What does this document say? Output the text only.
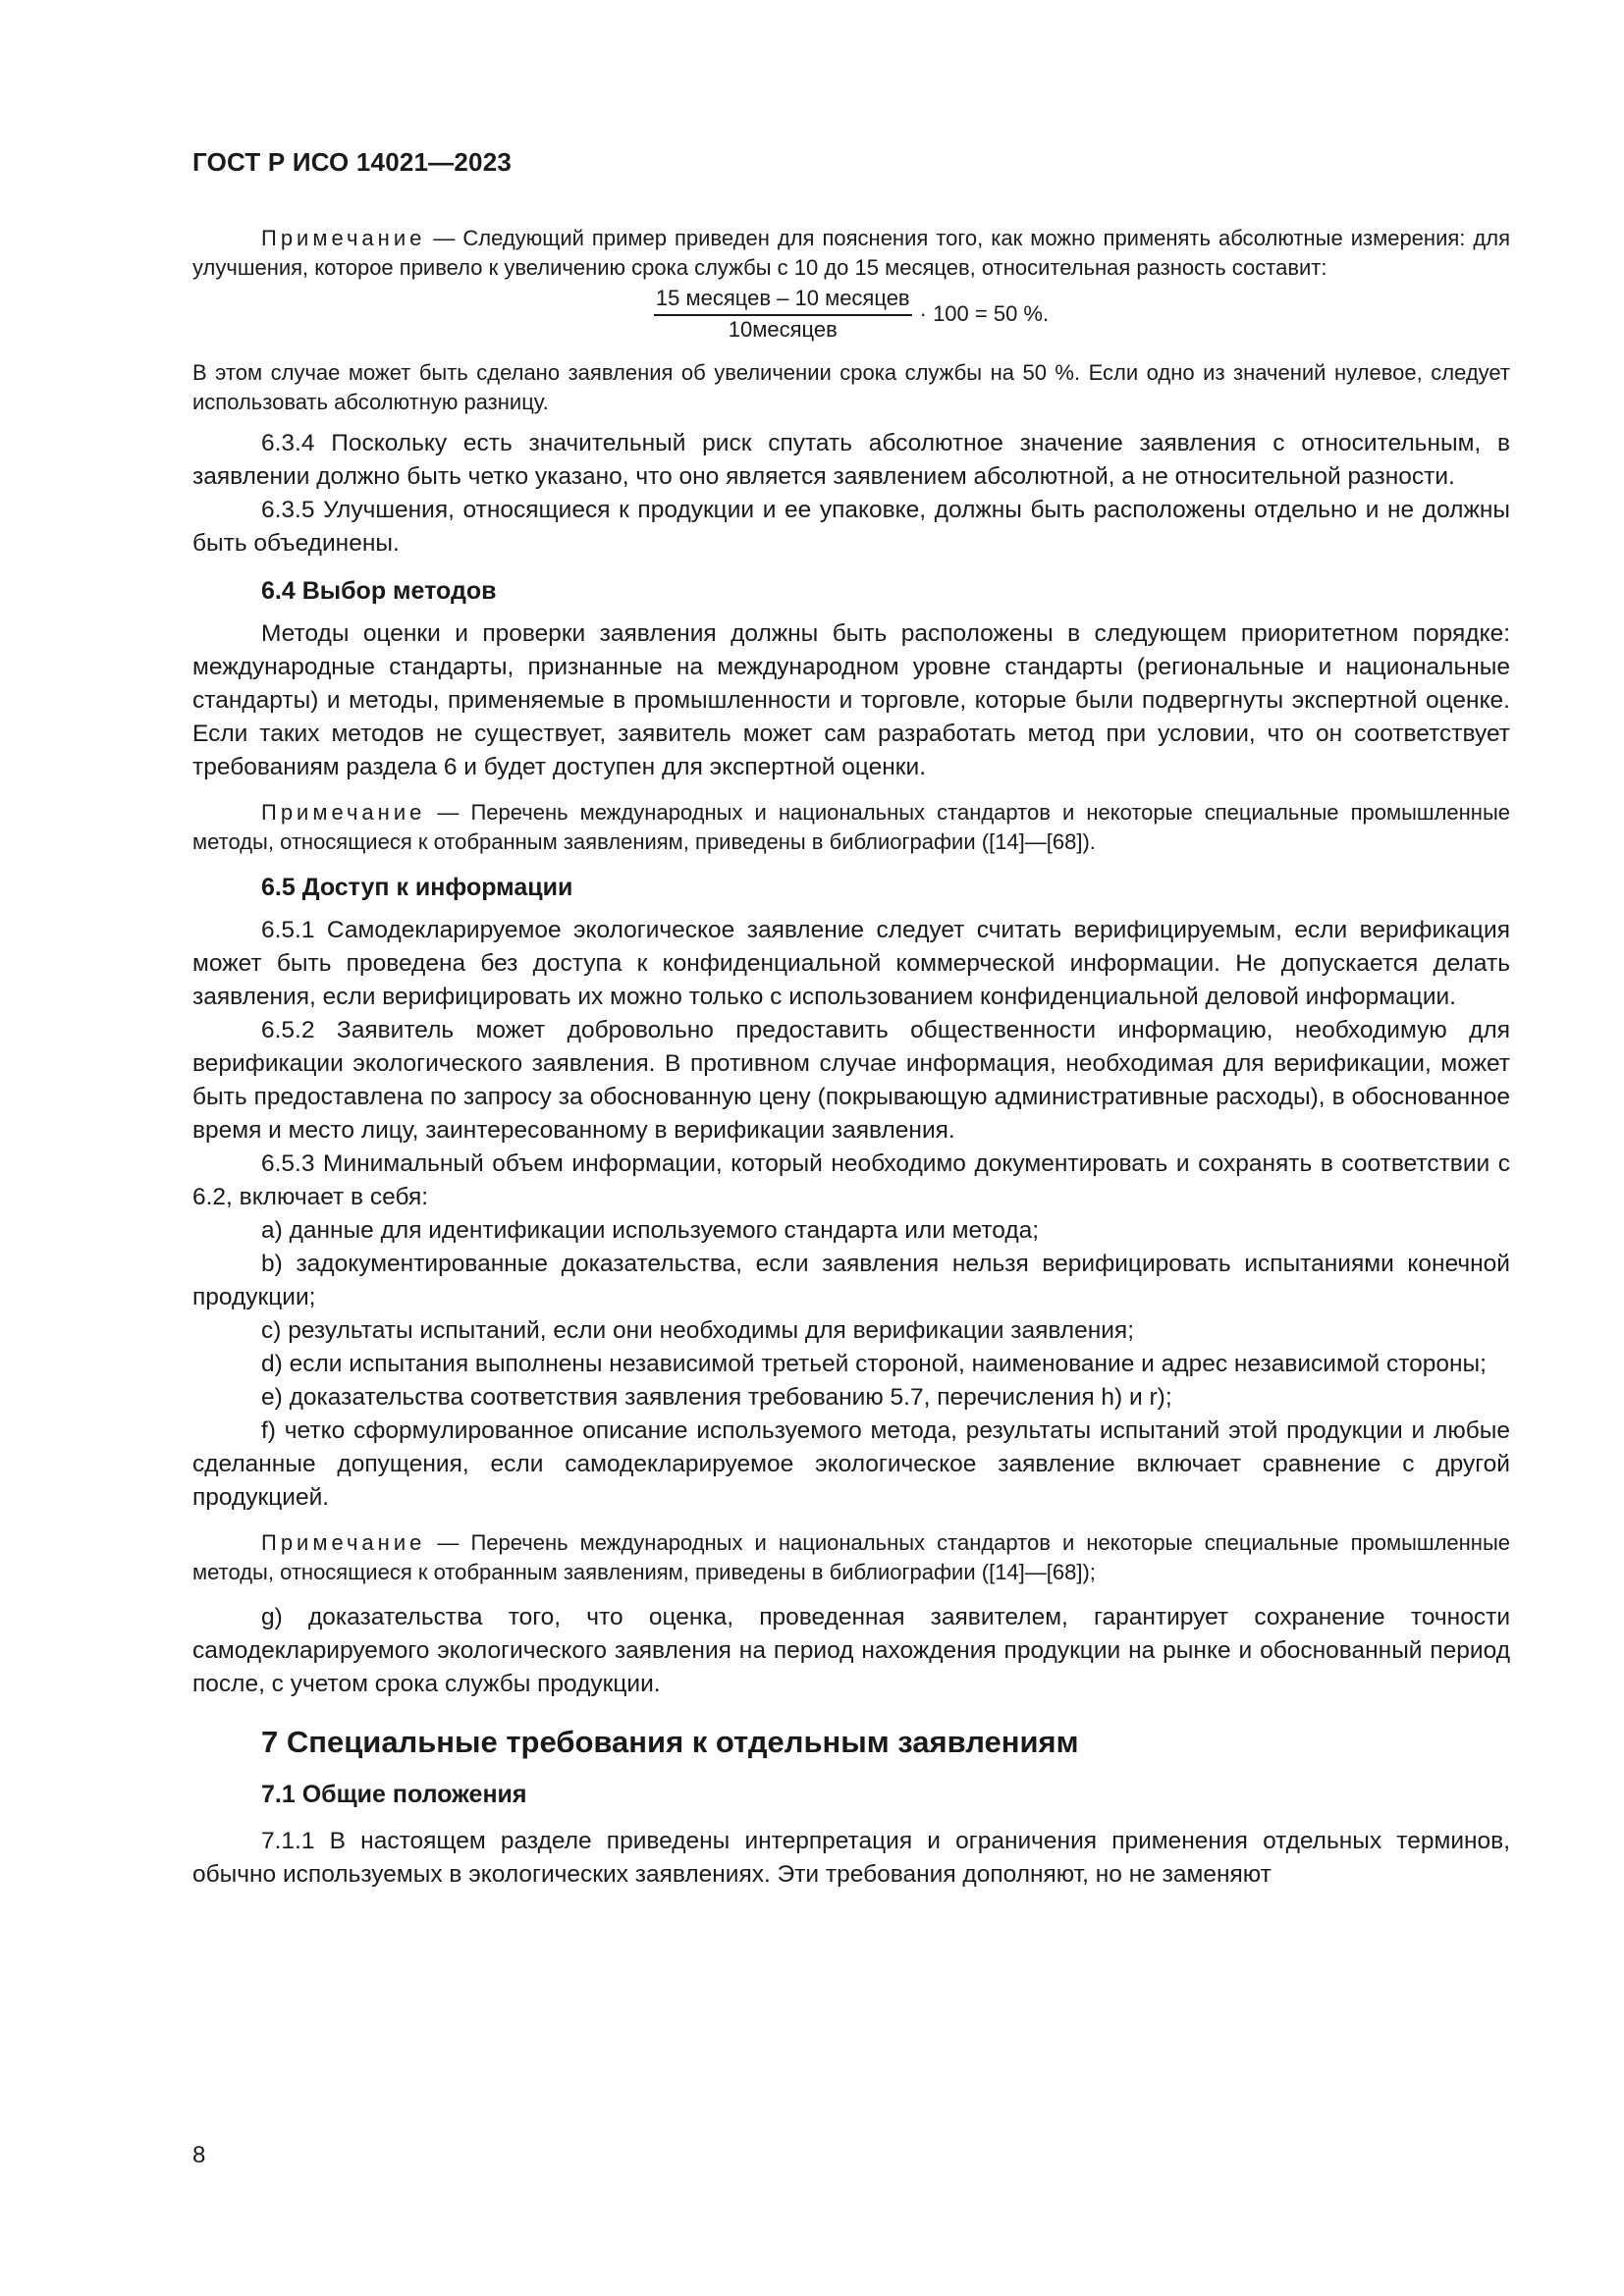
ГОСТ Р ИСО 14021—2023

Примечание — Следующий пример приведен для пояснения того, как можно применять абсолютные измерения: для улучшения, которое привело к увеличению срока службы с 10 до 15 месяцев, относительная разность составит:

$\frac{\text{15 месяцев – 10 месяцев}}{\text{10месяцев}} \cdot 100 = 50$ %.

В этом случае может быть сделано заявления об увеличении срока службы на 50 %. Если одно из значений нулевое, следует использовать абсолютную разницу.

6.3.4 Поскольку есть значительный риск спутать абсолютное значение заявления с относительным, в заявлении должно быть четко указано, что оно является заявлением абсолютной, а не относительной разности.

6.3.5 Улучшения, относящиеся к продукции и ее упаковке, должны быть расположены отдельно и не должны быть объединены.

6.4 Выбор методов

Методы оценки и проверки заявления должны быть расположены в следующем приоритетном порядке: международные стандарты, признанные на международном уровне стандарты (региональные и национальные стандарты) и методы, применяемые в промышленности и торговле, которые были подвергнуты экспертной оценке. Если таких методов не существует, заявитель может сам разработать метод при условии, что он соответствует требованиям раздела 6 и будет доступен для экспертной оценки.

Примечание — Перечень международных и национальных стандартов и некоторые специальные промышленные методы, относящиеся к отобранным заявлениям, приведены в библиографии ([14]—[68]).

6.5 Доступ к информации

6.5.1 Самодекларируемое экологическое заявление следует считать верифицируемым, если верификация может быть проведена без доступа к конфиденциальной коммерческой информации. Не допускается делать заявления, если верифицировать их можно только с использованием конфиденциальной деловой информации.

6.5.2 Заявитель может добровольно предоставить общественности информацию, необходимую для верификации экологического заявления. В противном случае информация, необходимая для верификации, может быть предоставлена по запросу за обоснованную цену (покрывающую административные расходы), в обоснованное время и место лицу, заинтересованному в верификации заявления.

6.5.3 Минимальный объем информации, который необходимо документировать и сохранять в соответствии с 6.2, включает в себя:

a) данные для идентификации используемого стандарта или метода;

b) задокументированные доказательства, если заявления нельзя верифицировать испытаниями конечной продукции;

c) результаты испытаний, если они необходимы для верификации заявления;

d) если испытания выполнены независимой третьей стороной, наименование и адрес независимой стороны;

e) доказательства соответствия заявления требованию 5.7, перечисления h) и r);

f) четко сформулированное описание используемого метода, результаты испытаний этой продукции и любые сделанные допущения, если самодекларируемое экологическое заявление включает сравнение с другой продукцией.

Примечание — Перечень международных и национальных стандартов и некоторые специальные промышленные методы, относящиеся к отобранным заявлениям, приведены в библиографии ([14]—[68]);

g) доказательства того, что оценка, проведенная заявителем, гарантирует сохранение точности самодекларируемого экологического заявления на период нахождения продукции на рынке и обоснованный период после, с учетом срока службы продукции.

7 Специальные требования к отдельным заявлениям

7.1 Общие положения

7.1.1 В настоящем разделе приведены интерпретация и ограничения применения отдельных терминов, обычно используемых в экологических заявлениях. Эти требования дополняют, но не заменяют

8
